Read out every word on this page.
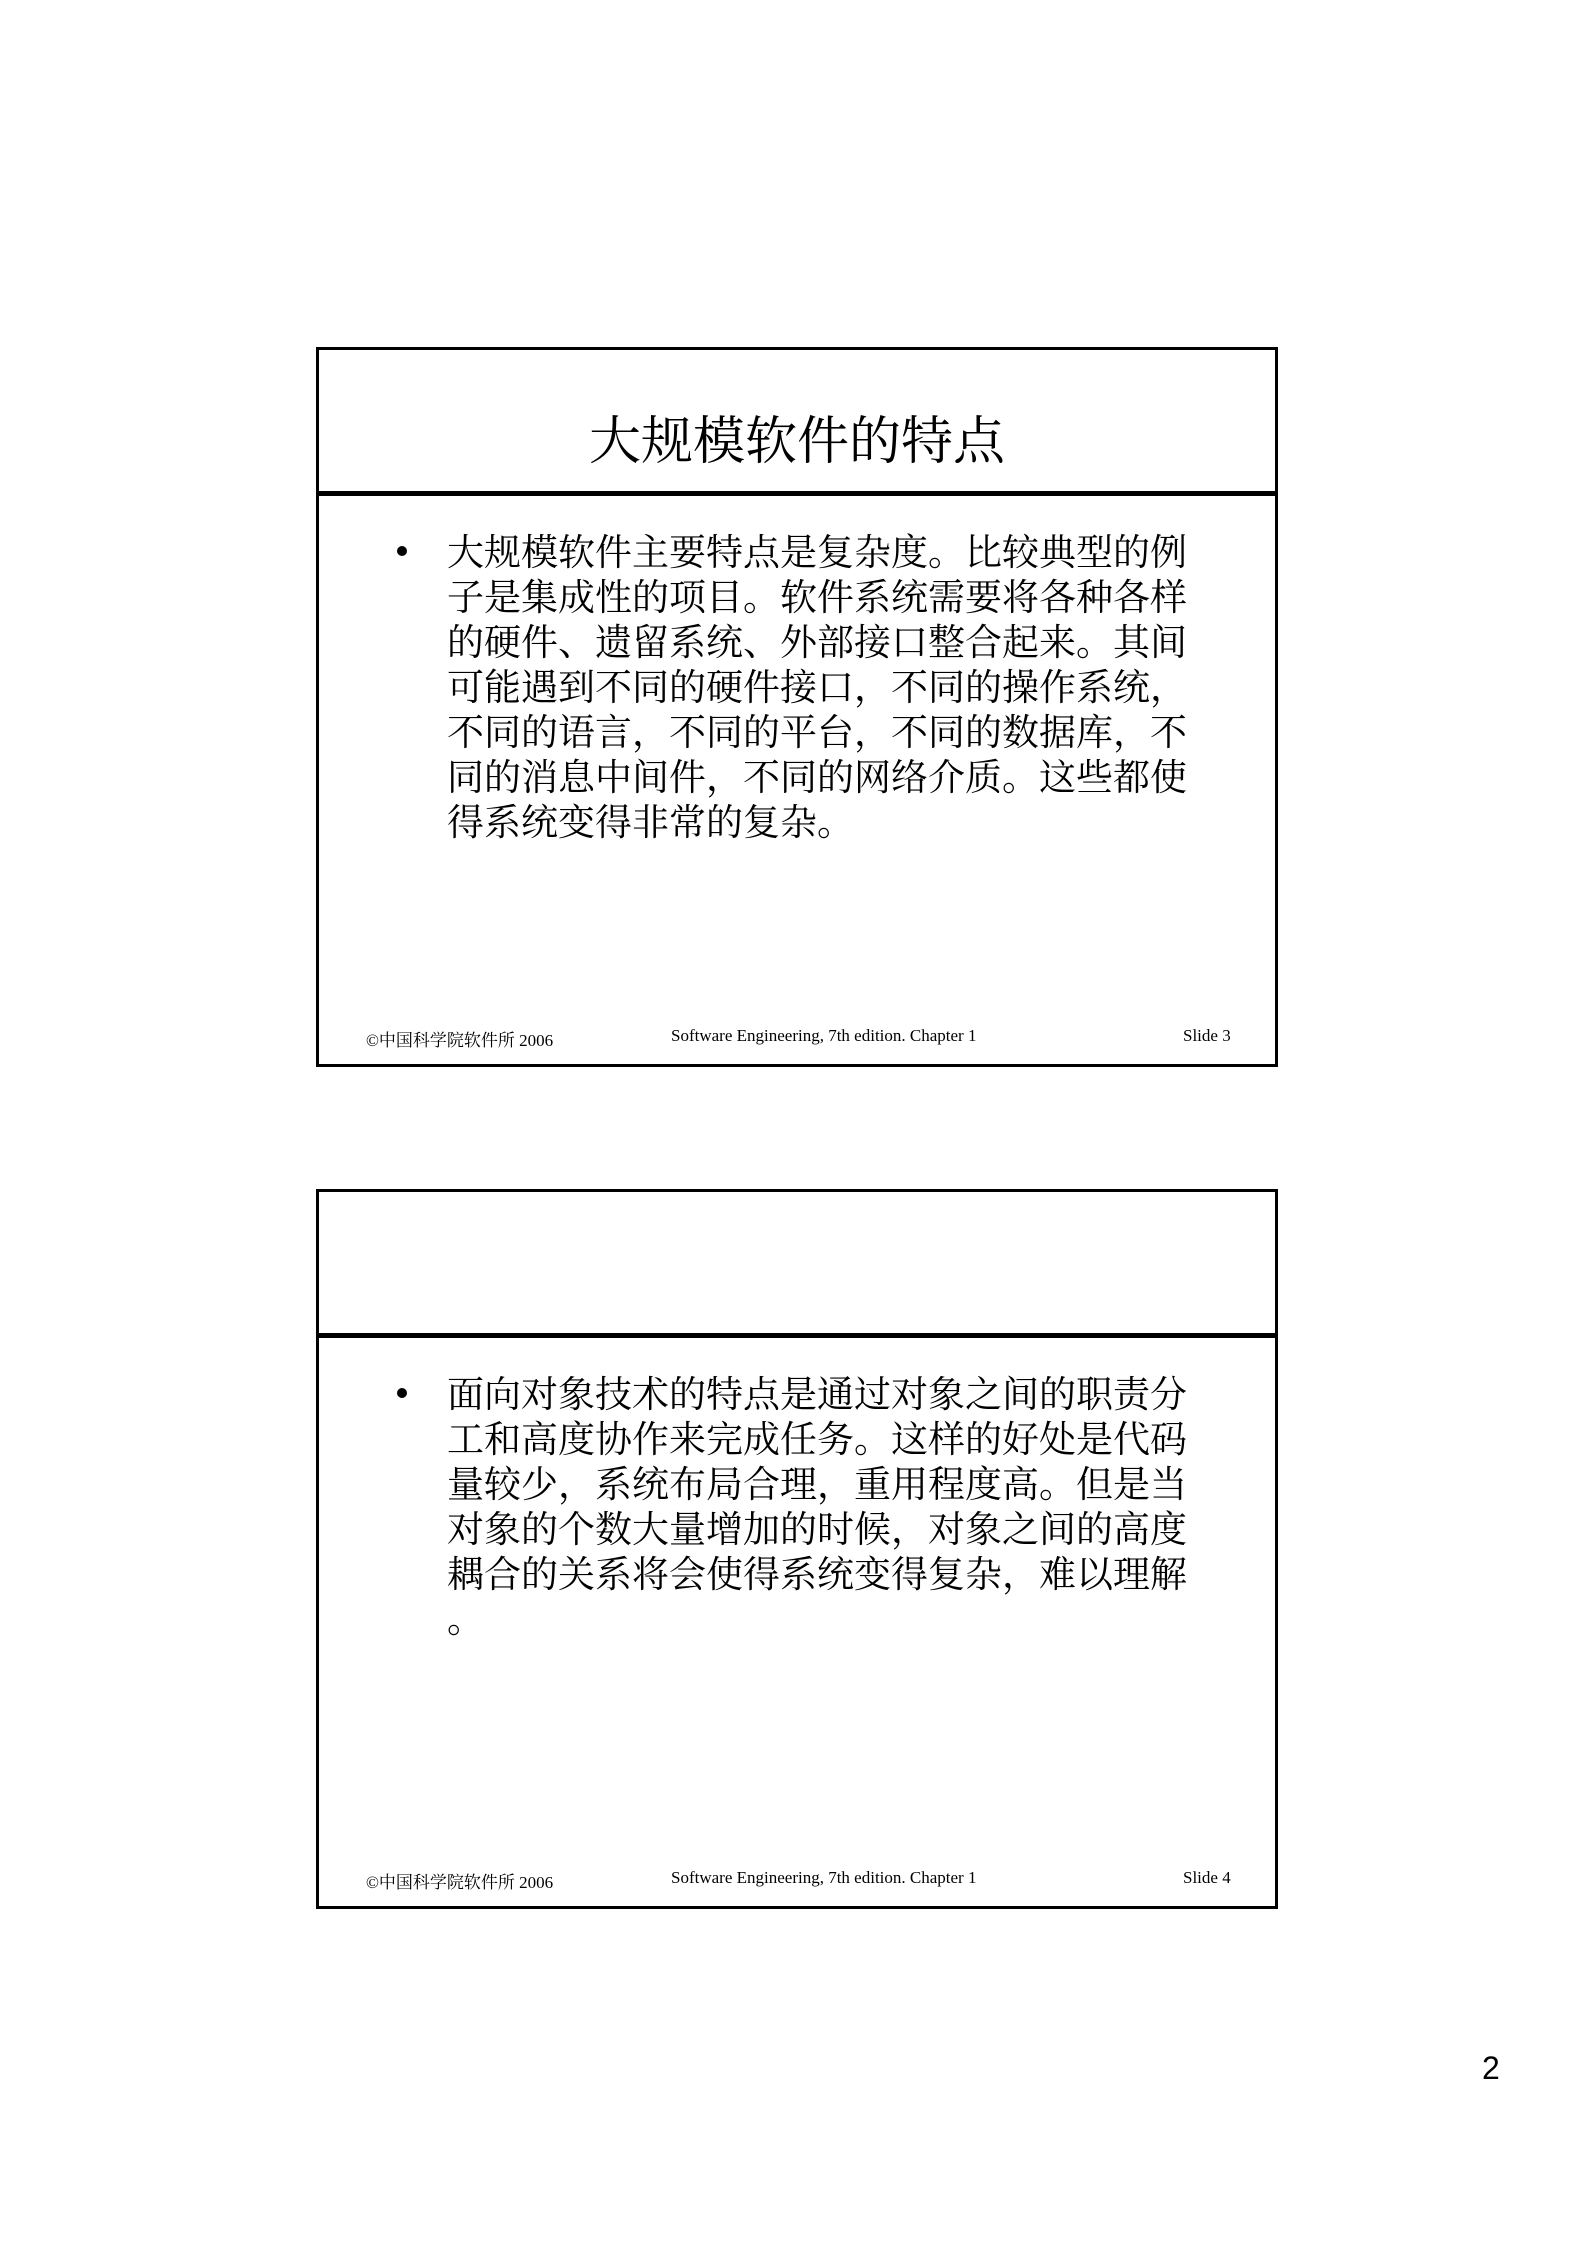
大规模软件的特点
大规模软件主要特点是复杂度。比较典型的例
子是集成性的项目。软件系统需要将各种各样
的硬件、遗留系统、外部接口整合起来。其间
可能遇到不同的硬件接口，不同的操作系统，
不同的语言，不同的平台，不同的数据库，不
同的消息中间件，不同的网络介质。这些都使
得系统变得非常的复杂。
©中国科学院软件所 2006	Software Engineering, 7th edition. Chapter 1	Slide 3
面向对象技术的特点是通过对象之间的职责分
工和高度协作来完成任务。这样的好处是代码
量较少，系统布局合理，重用程度高。但是当
对象的个数大量增加的时候，对象之间的高度
耦合的关系将会使得系统变得复杂，难以理解
。
©中国科学院软件所 2006	Software Engineering, 7th edition. Chapter 1	Slide 4
2
